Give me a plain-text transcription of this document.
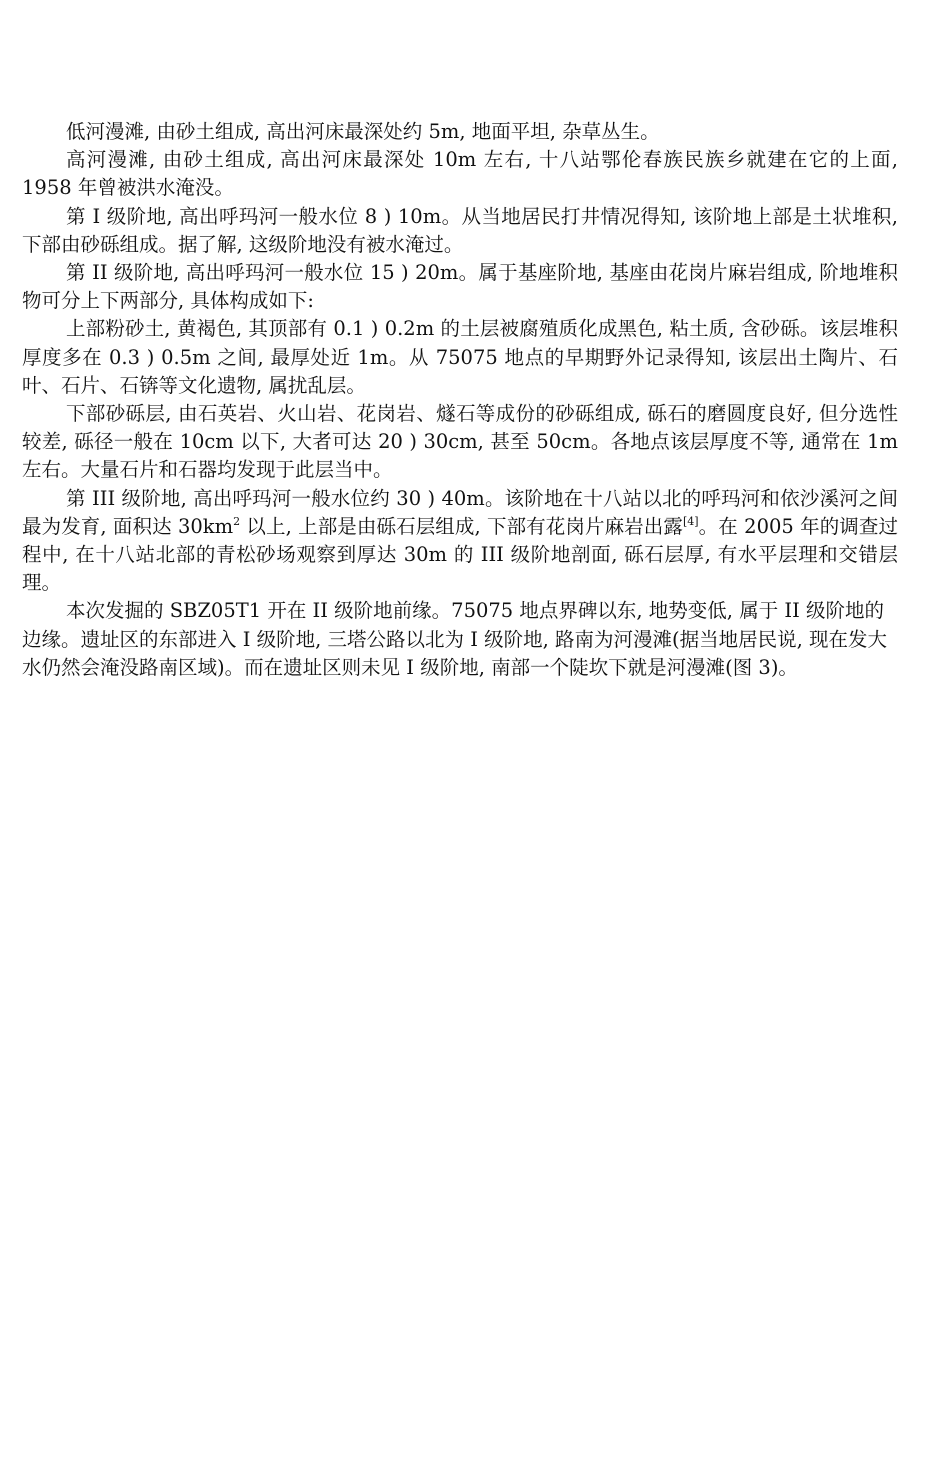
低河漫滩, 由砂土组成, 高出河床最深处约 5m, 地面平坦, 杂草丛生。

高河漫滩, 由砂土组成, 高出河床最深处 10m 左右, 十八站鄂伦春族民族乡就建在它的上面, 1958 年曾被洪水淹没。

第 I 级阶地, 高出呼玛河一般水位 8 ) 10m。从当地居民打井情况得知, 该阶地上部是土状堆积, 下部由砂砾组成。据了解, 这级阶地没有被水淹过。

第 II 级阶地, 高出呼玛河一般水位 15 ) 20m。属于基座阶地, 基座由花岗片麻岩组成, 阶地堆积物可分上下两部分, 具体构成如下:

上部粉砂土, 黄褐色, 其顶部有 0.1 ) 0.2m 的土层被腐殖质化成黑色, 粘土质, 含砂砾。该层堆积厚度多在 0.3 ) 0.5m 之间, 最厚处近 1m。从 75075 地点的早期野外记录得知, 该层出土陶片、石叶、石片、石锛等文化遗物, 属扰乱层。

下部砂砾层, 由石英岩、火山岩、花岗岩、燧石等成份的砂砾组成, 砾石的磨圆度良好, 但分选性较差, 砾径一般在 10cm 以下, 大者可达 20 ) 30cm, 甚至 50cm。各地点该层厚度不等, 通常在 1m 左右。大量石片和石器均发现于此层当中。

第 III 级阶地, 高出呼玛河一般水位约 30 ) 40m。该阶地在十八站以北的呼玛河和依沙溪河之间最为发育, 面积达 $30km^2$ 以上, 上部是由砾石层组成, 下部有花岗片麻岩出露[4]。在 2005 年的调查过程中, 在十八站北部的青松砂场观察到厚达 30m 的 III 级阶地剖面, 砾石层厚, 有水平层理和交错层理。

本次发掘的 SBZ05T1 开在 II 级阶地前缘。75075 地点界碑以东, 地势变低, 属于 II 级阶地的边缘。遗址区的东部进入 I 级阶地, 三塔公路以北为 I 级阶地, 路南为河漫滩(据当地居民说, 现在发大水仍然会淹没路南区域)。而在遗址区则未见 I 级阶地, 南部一个陡坎下就是河漫滩(图 3)。
